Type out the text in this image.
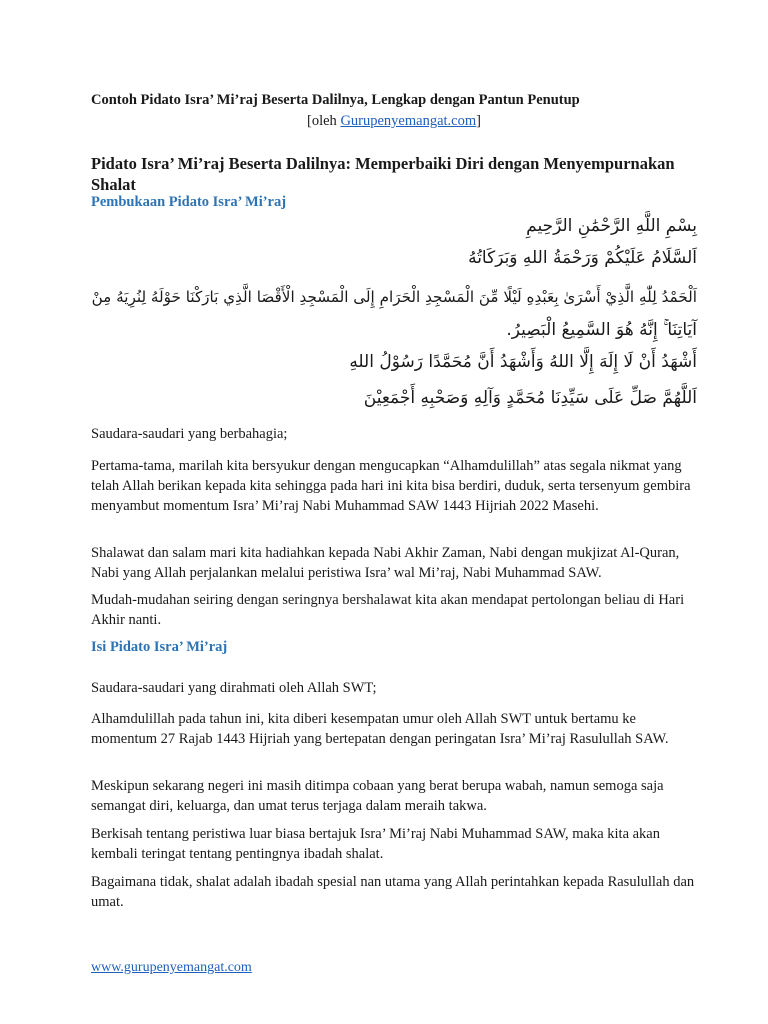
Contoh Pidato Isra’ Mi’raj Beserta Dalilnya, Lengkap dengan Pantun Penutup
[oleh Gurupenyemangat.com]
Pidato Isra’ Mi’raj Beserta Dalilnya: Memperbaiki Diri dengan Menyempurnakan Shalat
Pembukaan Pidato Isra’ Mi’raj
بِسْمِ اللَّهِ الرَّحْمَٰنِ الرَّحِيمِ
اَلسَّلَامُ عَلَيْكُمْ وَرَحْمَةُ اللهِ وَبَرَكَاتُهُ
اَلْحَمْدُ لِلّٰهِ الَّذِيْ أَسْرَىٰ بِعَبْدِهِ لَيْلًا مِّنَ الْمَسْجِدِ الْحَرَامِ إِلَى الْمَسْجِدِ الْأَقْصَا الَّذِي بَارَكْنَا حَوْلَهُ لِنُرِيَهُ مِنْ
آيَاتِنَا ۚ إِنَّهُ هُوَ السَّمِيعُ الْبَصِيرُ.
أَشْهَدُ أَنْ لَا إِلَهَ إِلَّا اللهُ وَأَشْهَدُ أَنَّ مُحَمَّدًا رَسُوْلُ اللهِ
اَللَّهُمَّ صَلِّ عَلَى سَيِّدِنَا مُحَمَّدٍ وَآلِهِ وَصَحْبِهِ أَجْمَعِيْنَ

Saudara-saudari yang berbahagia;

Pertama-tama, marilah kita bersyukur dengan mengucapkan “Alhamdulillah” atas segala nikmat yang telah Allah berikan kepada kita sehingga pada hari ini kita bisa berdiri, duduk, serta tersenyum gembira menyambut momentum Isra’ Mi’raj Nabi Muhammad SAW 1443 Hijriah 2022 Masehi.

Shalawat dan salam mari kita hadiahkan kepada Nabi Akhir Zaman, Nabi dengan mukjizat Al-Quran, Nabi yang Allah perjalankan melalui peristiwa Isra’ wal Mi’raj, Nabi Muhammad SAW.

Mudah-mudahan seiring dengan seringnya bershalawat kita akan mendapat pertolongan beliau di Hari Akhir nanti.

Isi Pidato Isra’ Mi’raj

Saudara-saudari yang dirahmati oleh Allah SWT;

Alhamdulillah pada tahun ini, kita diberi kesempatan umur oleh Allah SWT untuk bertamu ke momentum 27 Rajab 1443 Hijriah yang bertepatan dengan peringatan Isra’ Mi’raj Rasulullah SAW.

Meskipun sekarang negeri ini masih ditimpa cobaan yang berat berupa wabah, namun semoga saja semangat diri, keluarga, dan umat terus terjaga dalam meraih takwa.

Berkisah tentang peristiwa luar biasa bertajuk Isra’ Mi’raj Nabi Muhammad SAW, maka kita akan kembali teringat tentang pentingnya ibadah shalat.

Bagaimana tidak, shalat adalah ibadah spesial nan utama yang Allah perintahkan kepada Rasulullah dan umat.

www.gurupenyemangat.com
